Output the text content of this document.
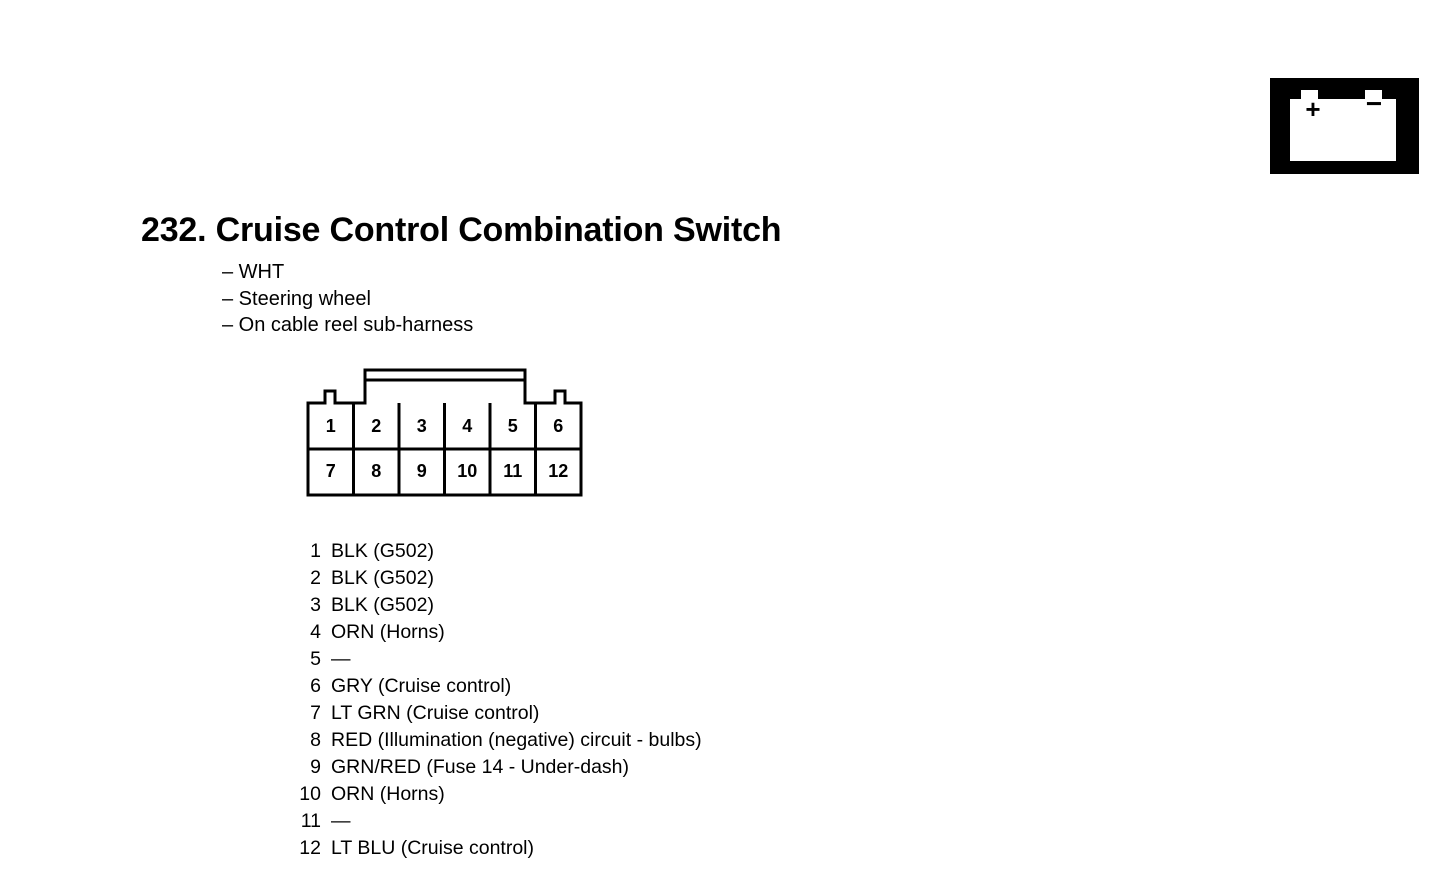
+ −
232. Cruise Control Combination Switch
– WHT
– Steering wheel
– On cable reel sub-harness
1 2 3 4 5 6
7 8 9 10 11 12
1 BLK (G502)
2 BLK (G502)
3 BLK (G502)
4 ORN (Horns)
5 —
6 GRY (Cruise control)
7 LT GRN (Cruise control)
8 RED (Illumination (negative) circuit - bulbs)
9 GRN/RED (Fuse 14 - Under-dash)
10 ORN (Horns)
11 —
12 LT BLU (Cruise control)
